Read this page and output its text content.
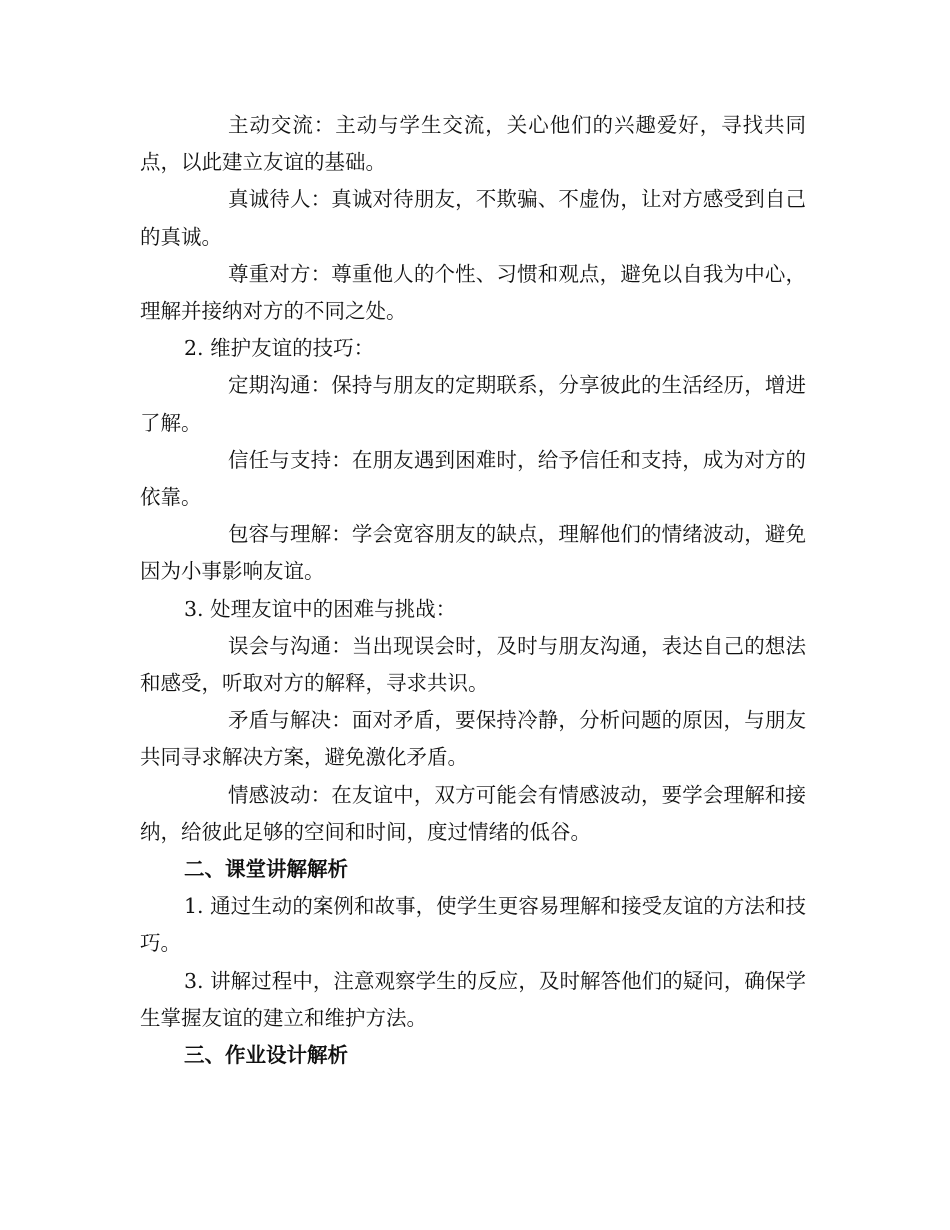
主动交流：主动与学生交流，关心他们的兴趣爱好，寻找共同点，以此建立友谊的基础。

真诚待人：真诚对待朋友，不欺骗、不虚伪，让对方感受到自己的真诚。

尊重对方：尊重他人的个性、习惯和观点，避免以自我为中心，理解并接纳对方的不同之处。

2. 维护友谊的技巧：

定期沟通：保持与朋友的定期联系，分享彼此的生活经历，增进了解。

信任与支持：在朋友遇到困难时，给予信任和支持，成为对方的依靠。

包容与理解：学会宽容朋友的缺点，理解他们的情绪波动，避免因为小事影响友谊。

3. 处理友谊中的困难与挑战：

误会与沟通：当出现误会时，及时与朋友沟通，表达自己的想法和感受，听取对方的解释，寻求共识。

矛盾与解决：面对矛盾，要保持冷静，分析问题的原因，与朋友共同寻求解决方案，避免激化矛盾。

情感波动：在友谊中，双方可能会有情感波动，要学会理解和接纳，给彼此足够的空间和时间，度过情绪的低谷。

二、课堂讲解解析

1. 通过生动的案例和故事，使学生更容易理解和接受友谊的方法和技巧。

3. 讲解过程中，注意观察学生的反应，及时解答他们的疑问，确保学生掌握友谊的建立和维护方法。

三、作业设计解析
